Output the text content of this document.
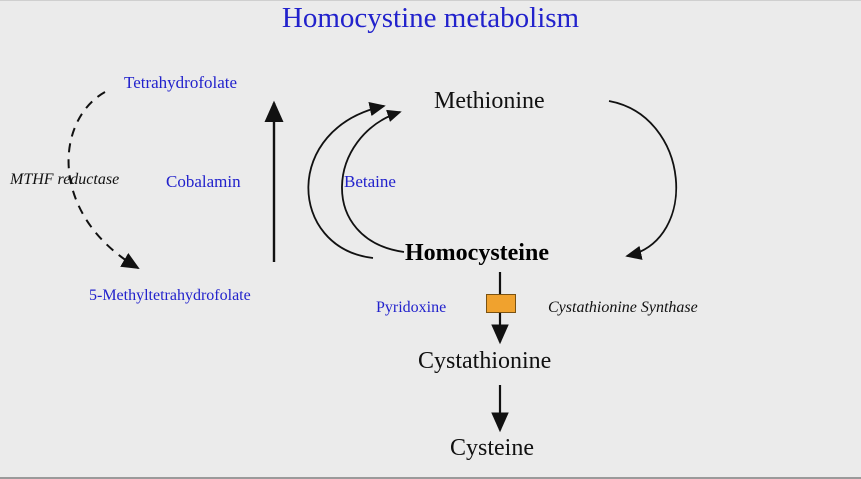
Homocystine metabolism
Tetrahydrofolate
5-Methyltetrahydrofolate
MTHF reductase	Cobalamin	Betaine
Pyridoxine	Cystathionine Synthase
Methionine
Homocysteine
Cystathionine
Cysteine
